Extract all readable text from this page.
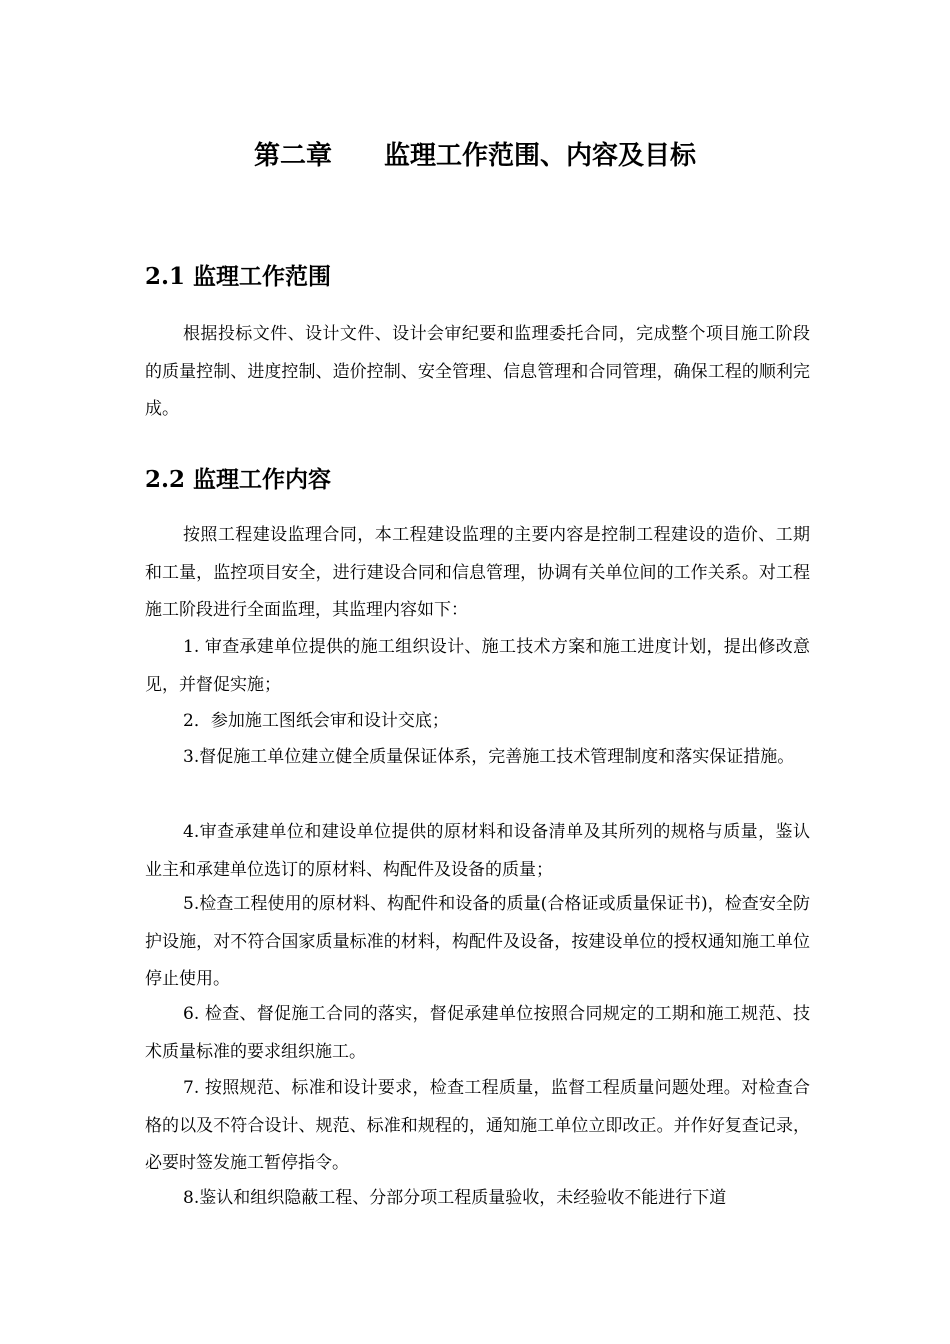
第二章　　监理工作范围、内容及目标
2.1 监理工作范围

根据投标文件、设计文件、设计会审纪要和监理委托合同，完成整个项目施工阶段的质量控制、进度控制、造价控制、安全管理、信息管理和合同管理，确保工程的顺利完成。

2.2 监理工作内容

按照工程建设监理合同，本工程建设监理的主要内容是控制工程建设的造价、工期和工量，监控项目安全，进行建设合同和信息管理，协调有关单位间的工作关系。对工程施工阶段进行全面监理，其监理内容如下：

1. 审查承建单位提供的施工组织设计、施工技术方案和施工进度计划，提出修改意见，并督促实施；

2．参加施工图纸会审和设计交底；

3.督促施工单位建立健全质量保证体系，完善施工技术管理制度和落实保证措施。

4.审查承建单位和建设单位提供的原材料和设备清单及其所列的规格与质量，鉴认业主和承建单位选订的原材料、构配件及设备的质量；

5.检查工程使用的原材料、构配件和设备的质量(合格证或质量保证书)，检查安全防护设施，对不符合国家质量标准的材料，构配件及设备，按建设单位的授权通知施工单位停止使用。

6. 检查、督促施工合同的落实，督促承建单位按照合同规定的工期和施工规范、技术质量标准的要求组织施工。

7. 按照规范、标准和设计要求，检查工程质量，监督工程质量问题处理。对检查合格的以及不符合设计、规范、标准和规程的，通知施工单位立即改正。并作好复查记录，必要时签发施工暂停指令。

8.鉴认和组织隐蔽工程、分部分项工程质量验收，未经验收不能进行下道
